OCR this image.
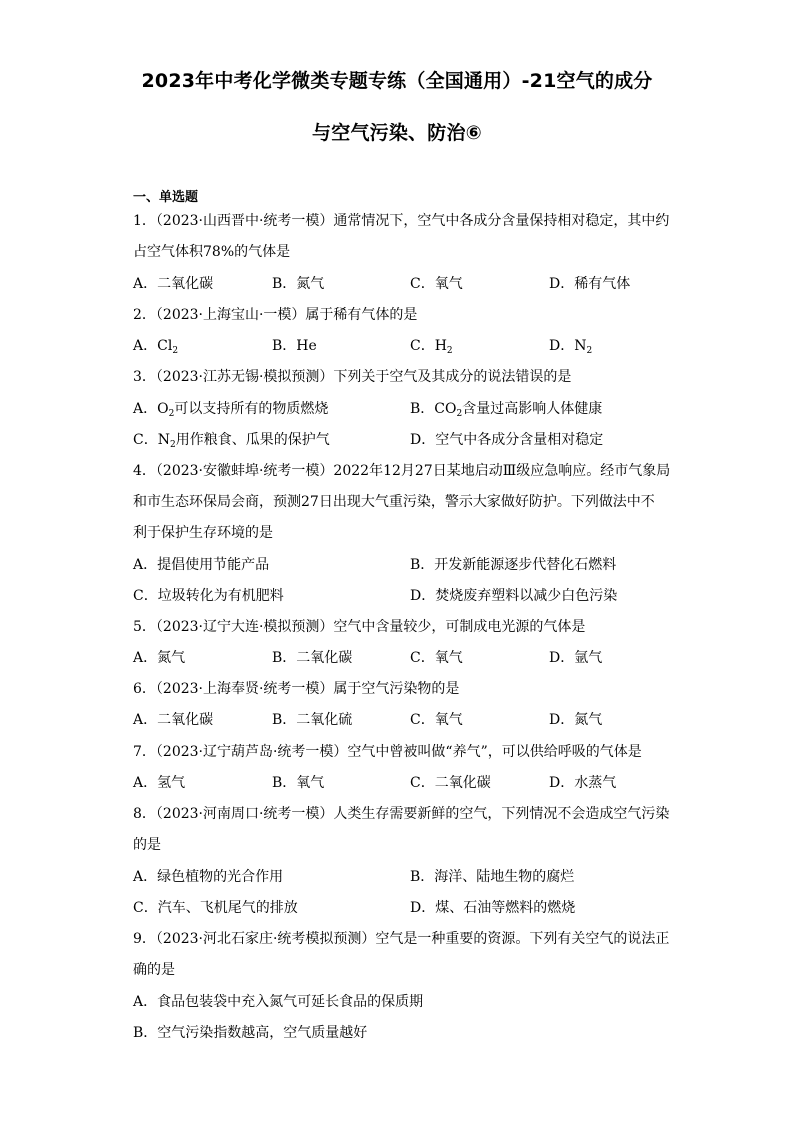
2023年中考化学微类专题专练（全国通用）-21空气的成分
与空气污染、防治⑥
一、单选题
1．（2023·山西晋中·统考一模）通常情况下，空气中各成分含量保持相对稳定，其中约
占空气体积78%的气体是
A．二氧化碳	B．氮气	C．氧气	D．稀有气体
2．（2023·上海宝山·一模）属于稀有气体的是
A．$Cl_2$	B．He	C．$H_2$	D．$N_2$
3．（2023·江苏无锡·模拟预测）下列关于空气及其成分的说法错误的是
A．$O_2$可以支持所有的物质燃烧	B．$CO_2$含量过高影响人体健康
C．$N_2$用作粮食、瓜果的保护气	D．空气中各成分含量相对稳定
4．（2023·安徽蚌埠·统考一模）2022年12月27日某地启动Ⅲ级应急响应。经市气象局
和市生态环保局会商，预测27日出现大气重污染，警示大家做好防护。下列做法中不
利于保护生存环境的是
A．提倡使用节能产品	B．开发新能源逐步代替化石燃料
C．垃圾转化为有机肥料	D．焚烧废弃塑料以减少白色污染
5．（2023·辽宁大连·模拟预测）空气中含量较少，可制成电光源的气体是
A．氮气	B．二氧化碳	C．氧气	D．氩气
6．（2023·上海奉贤·统考一模）属于空气污染物的是
A．二氧化碳	B．二氧化硫	C．氧气	D．氮气
7．（2023·辽宁葫芦岛·统考一模）空气中曾被叫做“养气”，可以供给呼吸的气体是
A．氢气	B．氧气	C．二氧化碳	D．水蒸气
8．（2023·河南周口·统考一模）人类生存需要新鲜的空气，下列情况不会造成空气污染
的是
A．绿色植物的光合作用	B．海洋、陆地生物的腐烂
C．汽车、飞机尾气的排放	D．煤、石油等燃料的燃烧
9．（2023·河北石家庄·统考模拟预测）空气是一种重要的资源。下列有关空气的说法正
确的是
A．食品包装袋中充入氮气可延长食品的保质期
B．空气污染指数越高，空气质量越好
